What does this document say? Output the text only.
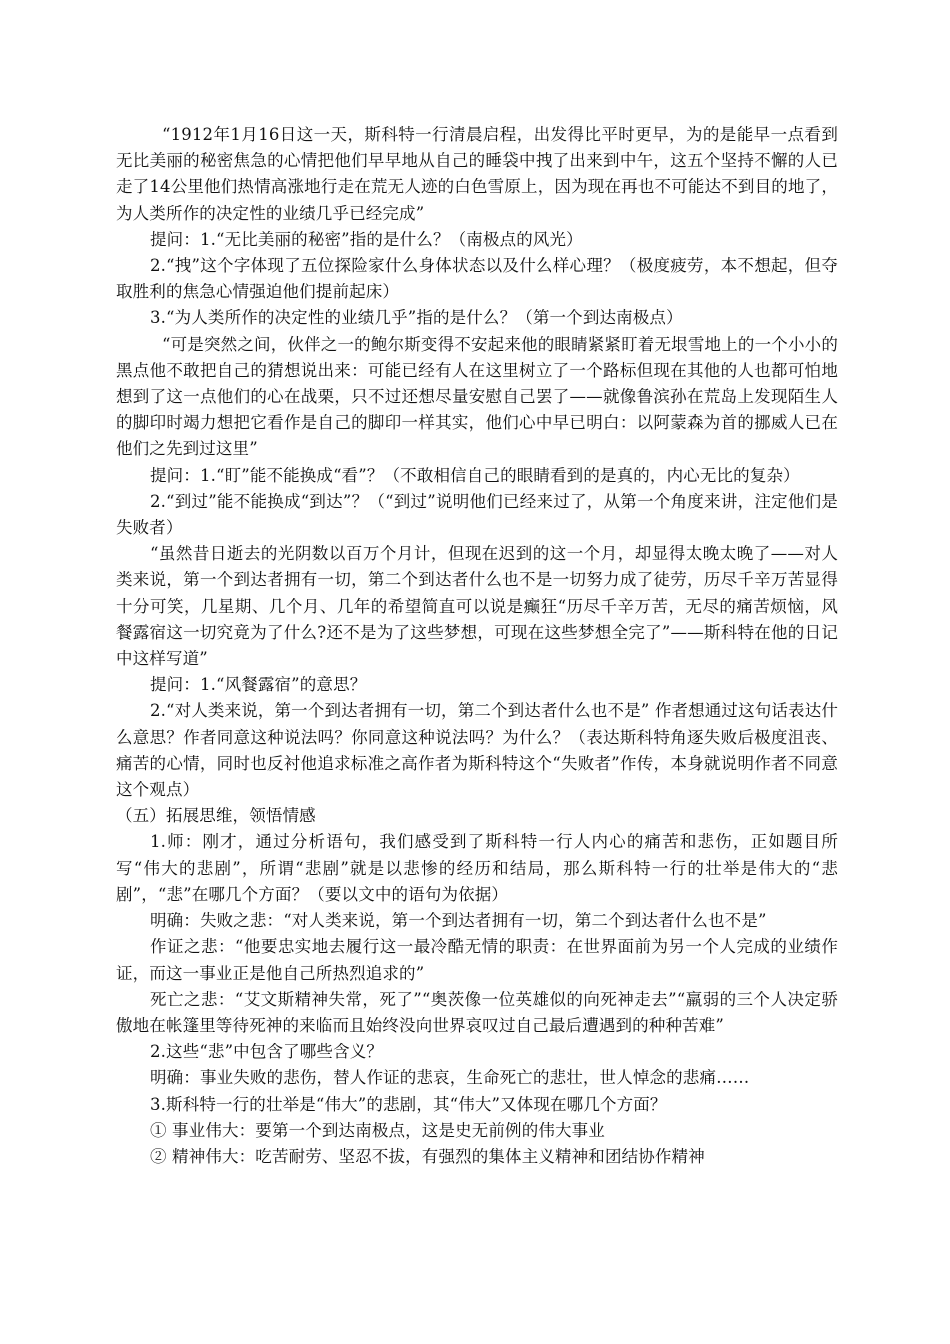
“1912年1月16日这一天，斯科特一行清晨启程，出发得比平时更早，为的是能早一点看到无比美丽的秘密焦急的心情把他们早早地从自己的睡袋中拽了出来到中午，这五个坚持不懈的人已走了14公里他们热情高涨地行走在荒无人迹的白色雪原上，因为现在再也不可能达不到目的地了，为人类所作的决定性的业绩几乎已经完成”

提问：1.“无比美丽的秘密”指的是什么？（南极点的风光）

2.“拽”这个字体现了五位探险家什么身体状态以及什么样心理？（极度疲劳，本不想起，但夺取胜利的焦急心情强迫他们提前起床）

3.“为人类所作的决定性的业绩几乎”指的是什么？（第一个到达南极点）

“可是突然之间，伙伴之一的鲍尔斯变得不安起来他的眼睛紧紧盯着无垠雪地上的一个小小的黑点他不敢把自己的猜想说出来：可能已经有人在这里树立了一个路标但现在其他的人也都可怕地想到了这一点他们的心在战栗，只不过还想尽量安慰自己罢了——就像鲁滨孙在荒岛上发现陌生人的脚印时竭力想把它看作是自己的脚印一样其实，他们心中早已明白：以阿蒙森为首的挪威人已在他们之先到过这里”

提问：1.“盯”能不能换成“看”？（不敢相信自己的眼睛看到的是真的，内心无比的复杂）

2.“到过”能不能换成“到达”？（“到过”说明他们已经来过了，从第一个角度来讲，注定他们是失败者）

“虽然昔日逝去的光阴数以百万个月计，但现在迟到的这一个月，却显得太晚太晚了——对人类来说，第一个到达者拥有一切，第二个到达者什么也不是一切努力成了徒劳，历尽千辛万苦显得十分可笑，几星期、几个月、几年的希望简直可以说是癫狂“历尽千辛万苦，无尽的痛苦烦恼，风餐露宿这一切究竟为了什么?还不是为了这些梦想，可现在这些梦想全完了”——斯科特在他的日记中这样写道”

提问：1.“风餐露宿”的意思？

2.“对人类来说，第一个到达者拥有一切，第二个到达者什么也不是” 作者想通过这句话表达什么意思？作者同意这种说法吗？你同意这种说法吗？为什么？（表达斯科特角逐失败后极度沮丧、痛苦的心情，同时也反衬他追求标准之高作者为斯科特这个“失败者”作传，本身就说明作者不同意这个观点）

（五）拓展思维，领悟情感

1.师：刚才，通过分析语句，我们感受到了斯科特一行人内心的痛苦和悲伤，正如题目所写“伟大的悲剧”，所谓“悲剧”就是以悲惨的经历和结局，那么斯科特一行的壮举是伟大的“悲剧”，“悲”在哪几个方面？（要以文中的语句为依据）

明确：失败之悲：“对人类来说，第一个到达者拥有一切，第二个到达者什么也不是”

作证之悲：“他要忠实地去履行这一最冷酷无情的职责：在世界面前为另一个人完成的业绩作证，而这一事业正是他自己所热烈追求的”

死亡之悲：“艾文斯精神失常，死了”“奥茨像一位英雄似的向死神走去”“羸弱的三个人决定骄傲地在帐篷里等待死神的来临而且始终没向世界哀叹过自己最后遭遇到的种种苦难”

2.这些“悲”中包含了哪些含义？

明确：事业失败的悲伤，替人作证的悲哀，生命死亡的悲壮，世人悼念的悲痛……

3.斯科特一行的壮举是“伟大”的悲剧，其“伟大”又体现在哪几个方面？

① 事业伟大：要第一个到达南极点，这是史无前例的伟大事业

② 精神伟大：吃苦耐劳、坚忍不拔，有强烈的集体主义精神和团结协作精神
